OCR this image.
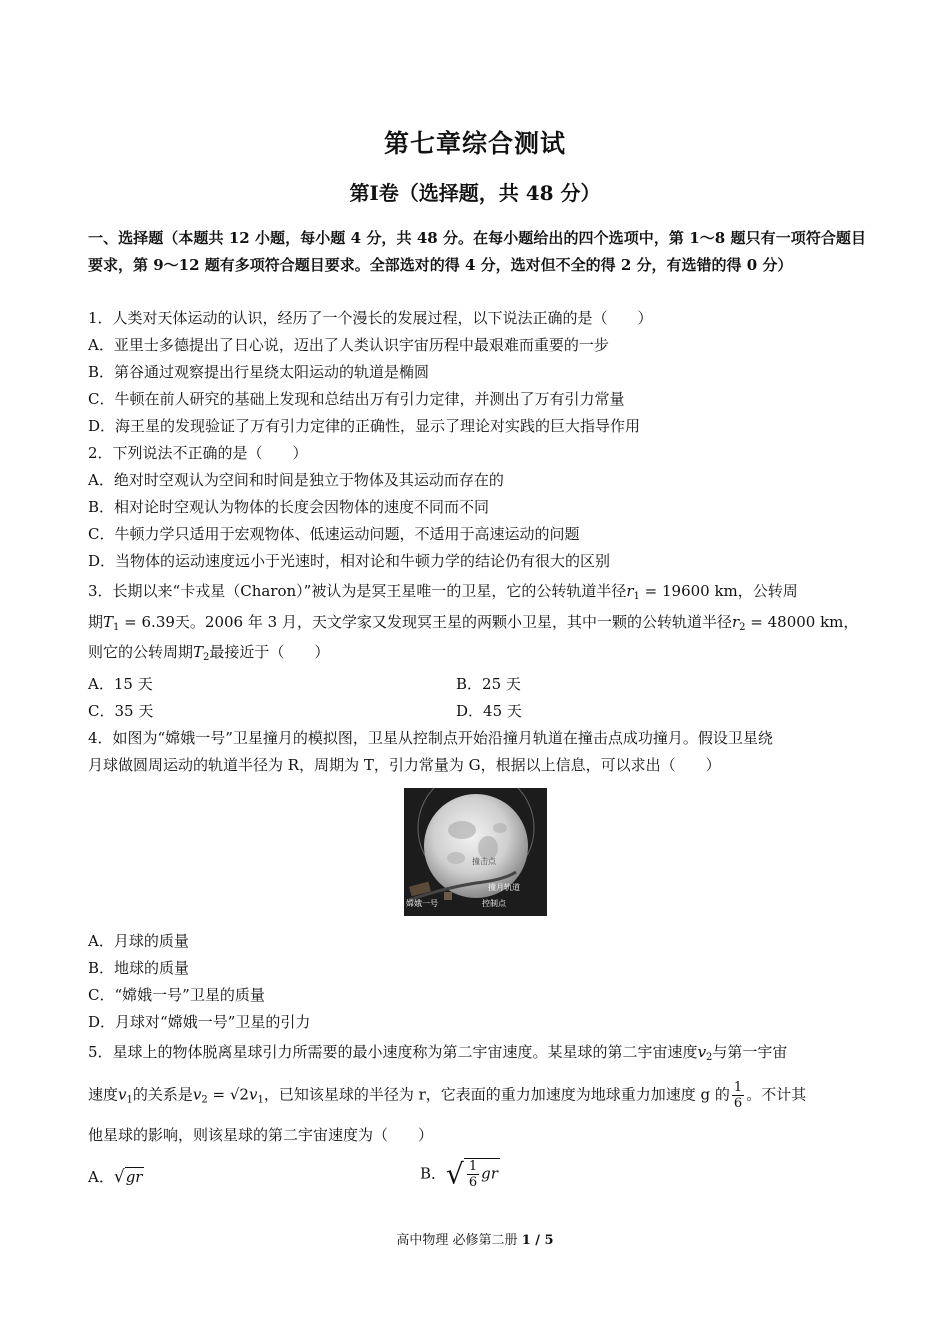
第七章综合测试
第Ⅰ卷（选择题，共 48 分）
一、选择题（本题共 12 小题，每小题 4 分，共 48 分。在每小题给出的四个选项中，第 1～8 题只有一项符合题目要求，第 9～12 题有多项符合题目要求。全部选对的得 4 分，选对但不全的得 2 分，有选错的得 0 分）
1．人类对天体运动的认识，经历了一个漫长的发展过程，以下说法正确的是（　　）
A．亚里士多德提出了日心说，迈出了人类认识宇宙历程中最艰难而重要的一步
B．第谷通过观察提出行星绕太阳运动的轨道是椭圆
C．牛顿在前人研究的基础上发现和总结出万有引力定律，并测出了万有引力常量
D．海王星的发现验证了万有引力定律的正确性，显示了理论对实践的巨大指导作用
2．下列说法不正确的是（　　）
A．绝对时空观认为空间和时间是独立于物体及其运动而存在的
B．相对论时空观认为物体的长度会因物体的速度不同而不同
C．牛顿力学只适用于宏观物体、低速运动问题，不适用于高速运动的问题
D．当物体的运动速度远小于光速时，相对论和牛顿力学的结论仍有很大的区别
3．长期以来“卡戎星（Charon）”被认为是冥王星唯一的卫星，它的公转轨道半径$r_1 = 19600$ km，公转周
期$T_1 = 6.39$天。2006 年 3 月，天文学家又发现冥王星的两颗小卫星，其中一颗的公转轨道半径$r_2 = 48000$ km，
则它的公转周期$T_2$最接近于（　　）
A．15 天	B．25 天
C．35 天	D．45 天
4．如图为“嫦娥一号”卫星撞月的模拟图，卫星从控制点开始沿撞月轨道在撞击点成功撞月。假设卫星绕
月球做圆周运动的轨道半径为 R，周期为 T，引力常量为 G，根据以上信息，可以求出（　　）
撞击点
撞月轨道
控制点
嫦娥一号
A．月球的质量
B．地球的质量
C．“嫦娥一号”卫星的质量
D．月球对“嫦娥一号”卫星的引力
5．星球上的物体脱离星球引力所需要的最小速度称为第二宇宙速度。某星球的第二宇宙速度$v_2$与第一宇宙
速度$v_1$的关系是$v_2 = √2v_1$，已知该星球的半径为 r，它表面的重力加速度为地球重力加速度 g 的 $\frac{1}{6}$ 。不计其
他星球的影响，则该星球的第二宇宙速度为（　　）
A．√gr	B．√ $\frac{1}{6}$ gr
高中物理 必修第二册 1 / 5
